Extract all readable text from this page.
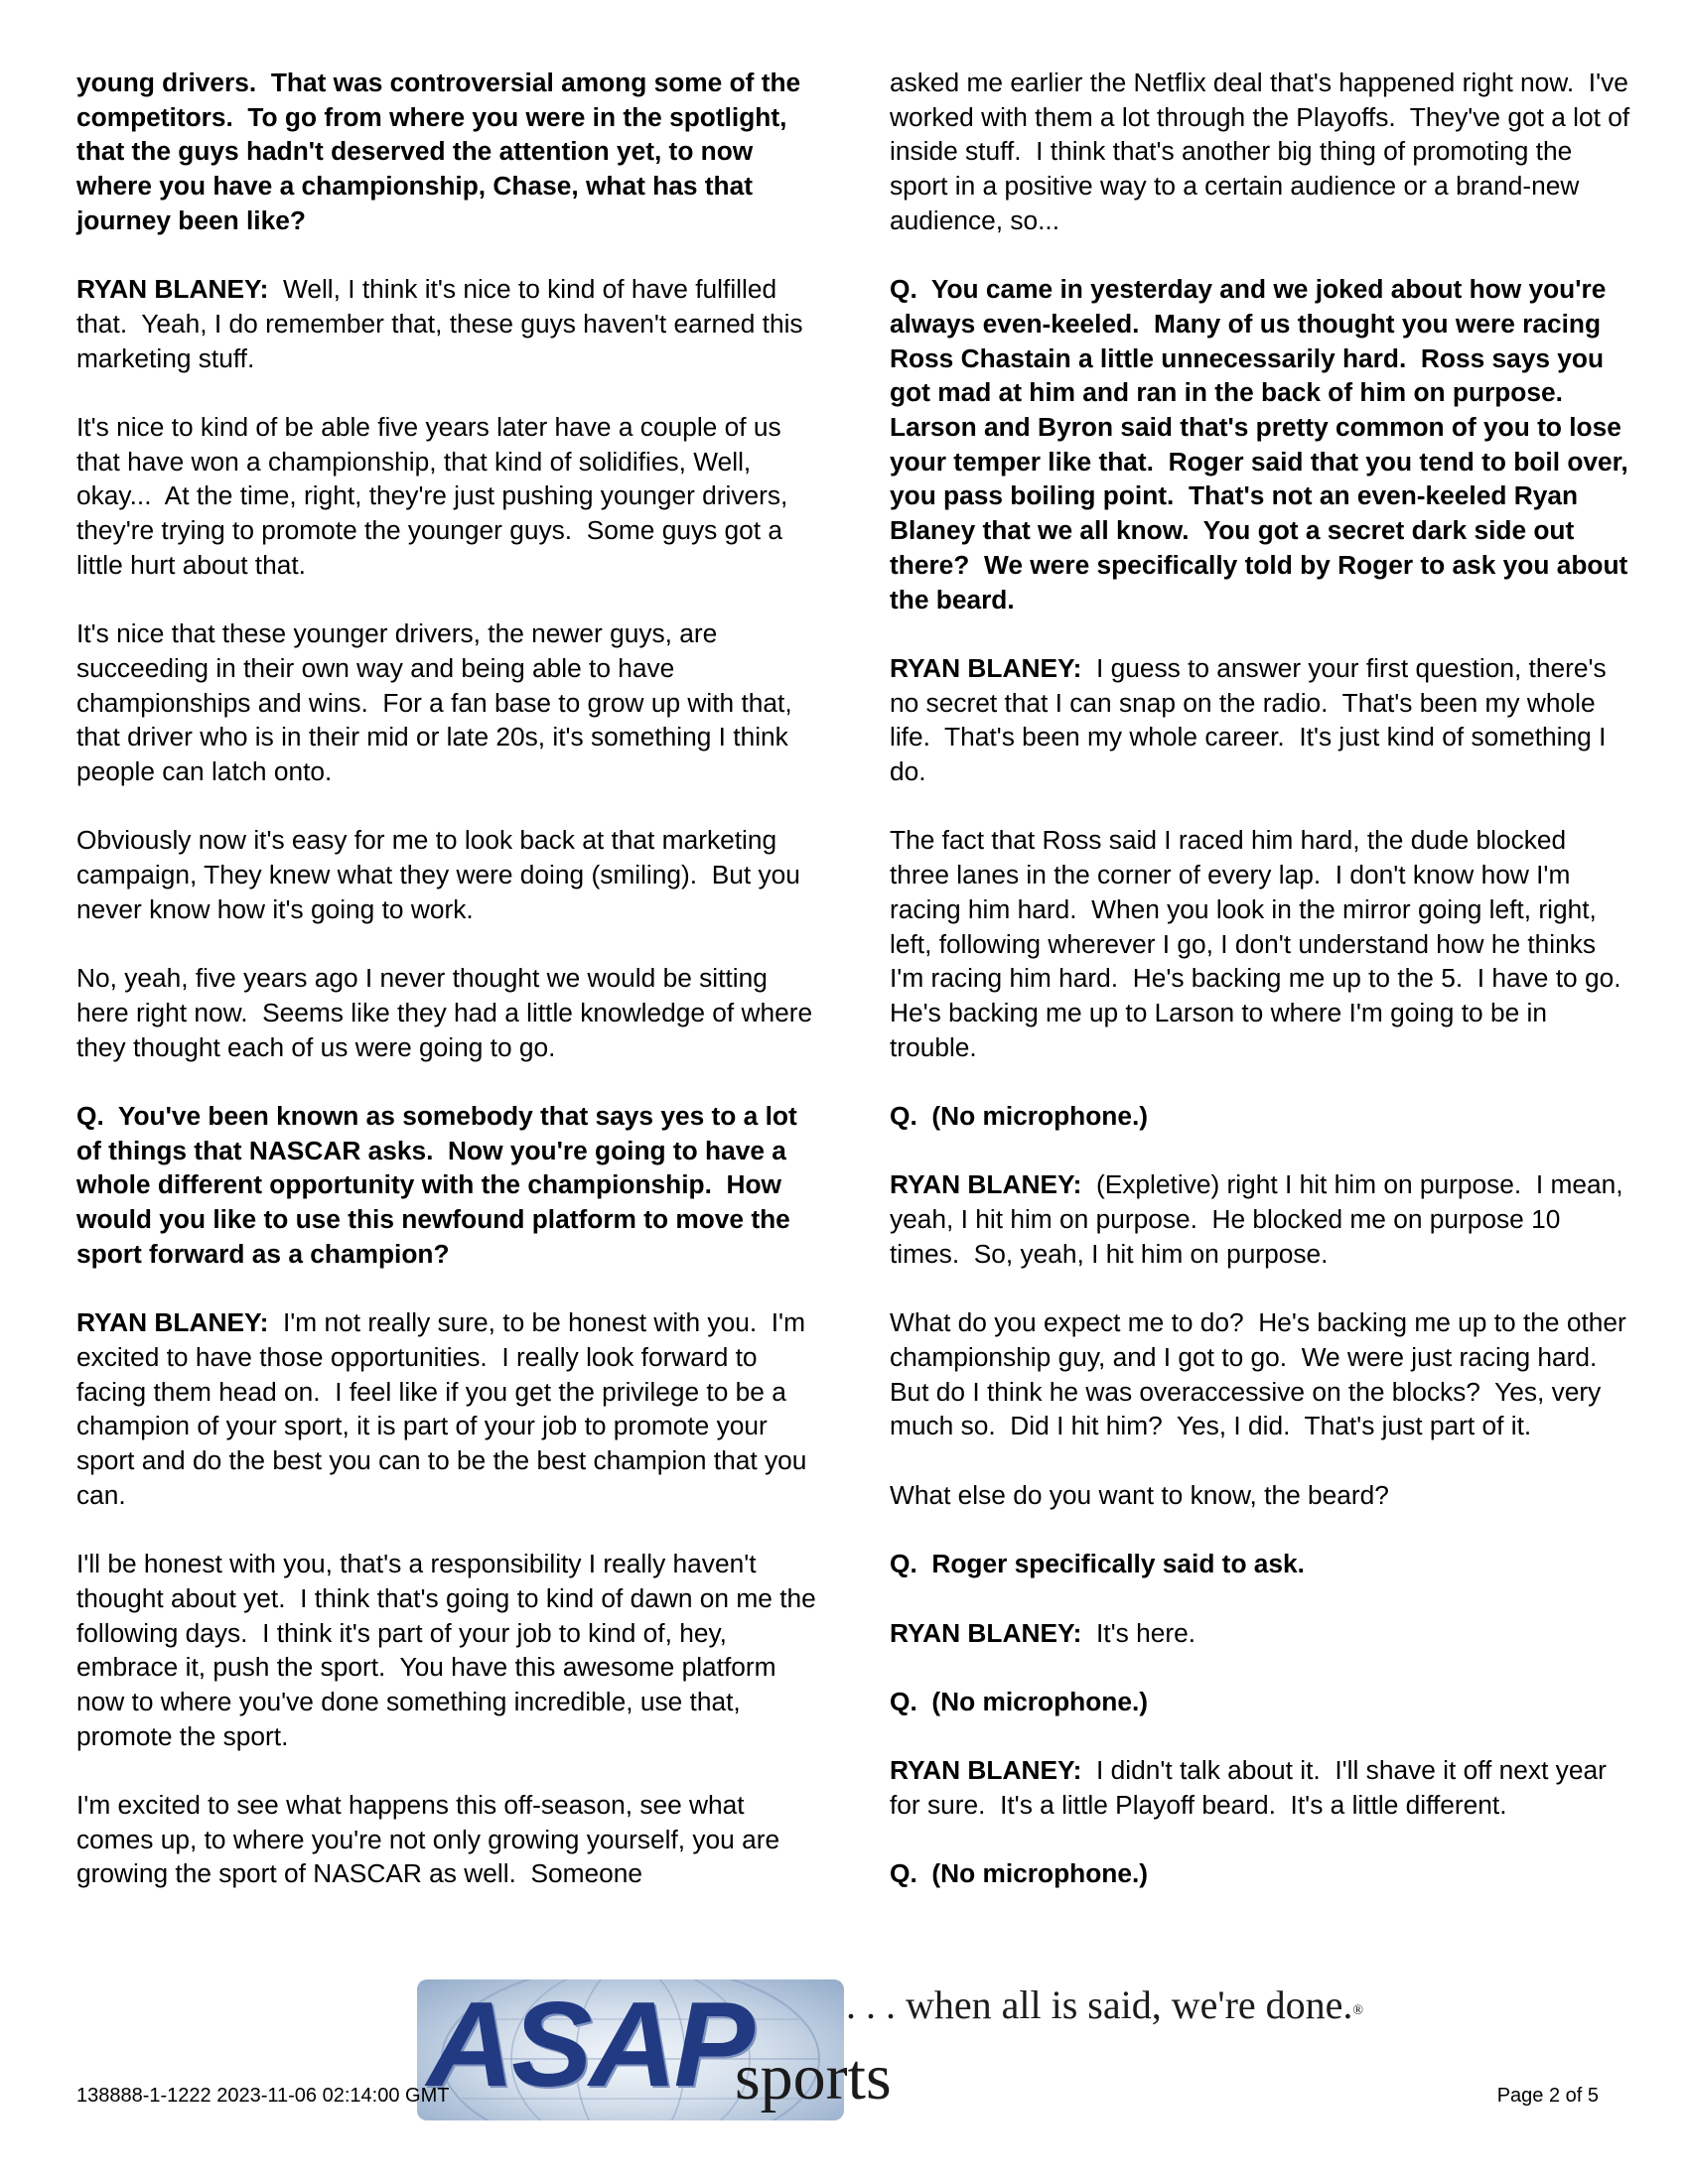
young drivers.  That was controversial among some of the competitors.  To go from where you were in the spotlight, that the guys hadn't deserved the attention yet, to now where you have a championship, Chase, what has that journey been like?

RYAN BLANEY: Well, I think it's nice to kind of have fulfilled that.  Yeah, I do remember that, these guys haven't earned this marketing stuff.

It's nice to kind of be able five years later have a couple of us that have won a championship, that kind of solidifies, Well, okay...  At the time, right, they're just pushing younger drivers, they're trying to promote the younger guys.  Some guys got a little hurt about that.

It's nice that these younger drivers, the newer guys, are succeeding in their own way and being able to have championships and wins.  For a fan base to grow up with that, that driver who is in their mid or late 20s, it's something I think people can latch onto.

Obviously now it's easy for me to look back at that marketing campaign, They knew what they were doing (smiling).  But you never know how it's going to work.

No, yeah, five years ago I never thought we would be sitting here right now.  Seems like they had a little knowledge of where they thought each of us were going to go.

Q.  You've been known as somebody that says yes to a lot of things that NASCAR asks.  Now you're going to have a whole different opportunity with the championship.  How would you like to use this newfound platform to move the sport forward as a champion?

RYAN BLANEY: I'm not really sure, to be honest with you.  I'm excited to have those opportunities.  I really look forward to facing them head on.  I feel like if you get the privilege to be a champion of your sport, it is part of your job to promote your sport and do the best you can to be the best champion that you can.

I'll be honest with you, that's a responsibility I really haven't thought about yet.  I think that's going to kind of dawn on me the following days.  I think it's part of your job to kind of, hey, embrace it, push the sport.  You have this awesome platform now to where you've done something incredible, use that, promote the sport.

I'm excited to see what happens this off-season, see what comes up, to where you're not only growing yourself, you are growing the sport of NASCAR as well.  Someone

asked me earlier the Netflix deal that's happened right now.  I've worked with them a lot through the Playoffs.  They've got a lot of inside stuff.  I think that's another big thing of promoting the sport in a positive way to a certain audience or a brand-new audience, so...

Q.  You came in yesterday and we joked about how you're always even-keeled.  Many of us thought you were racing Ross Chastain a little unnecessarily hard.  Ross says you got mad at him and ran in the back of him on purpose.  Larson and Byron said that's pretty common of you to lose your temper like that.  Roger said that you tend to boil over, you pass boiling point.  That's not an even-keeled Ryan Blaney that we all know.  You got a secret dark side out there?  We were specifically told by Roger to ask you about the beard.

RYAN BLANEY: I guess to answer your first question, there's no secret that I can snap on the radio.  That's been my whole life.  That's been my whole career.  It's just kind of something I do.

The fact that Ross said I raced him hard, the dude blocked three lanes in the corner of every lap.  I don't know how I'm racing him hard.  When you look in the mirror going left, right, left, following wherever I go, I don't understand how he thinks I'm racing him hard.  He's backing me up to the 5.  I have to go.  He's backing me up to Larson to where I'm going to be in trouble.

Q.  (No microphone.)

RYAN BLANEY: (Expletive) right I hit him on purpose.  I mean, yeah, I hit him on purpose.  He blocked me on purpose 10 times.  So, yeah, I hit him on purpose.

What do you expect me to do?  He's backing me up to the other championship guy, and I got to go.  We were just racing hard.  But do I think he was overaccessive on the blocks?  Yes, very much so.  Did I hit him?  Yes, I did.  That's just part of it.

What else do you want to know, the beard?

Q.  Roger specifically said to ask.

RYAN BLANEY: It's here.

Q.  (No microphone.)

RYAN BLANEY: I didn't talk about it.  I'll shave it off next year for sure.  It's a little Playoff beard.  It's a little different.

Q.  (No microphone.)

ASAP
sports
. . . when all is said, we're done.®
138888-1-1222 2023-11-06 02:14:00 GMT	Page 2 of 5
